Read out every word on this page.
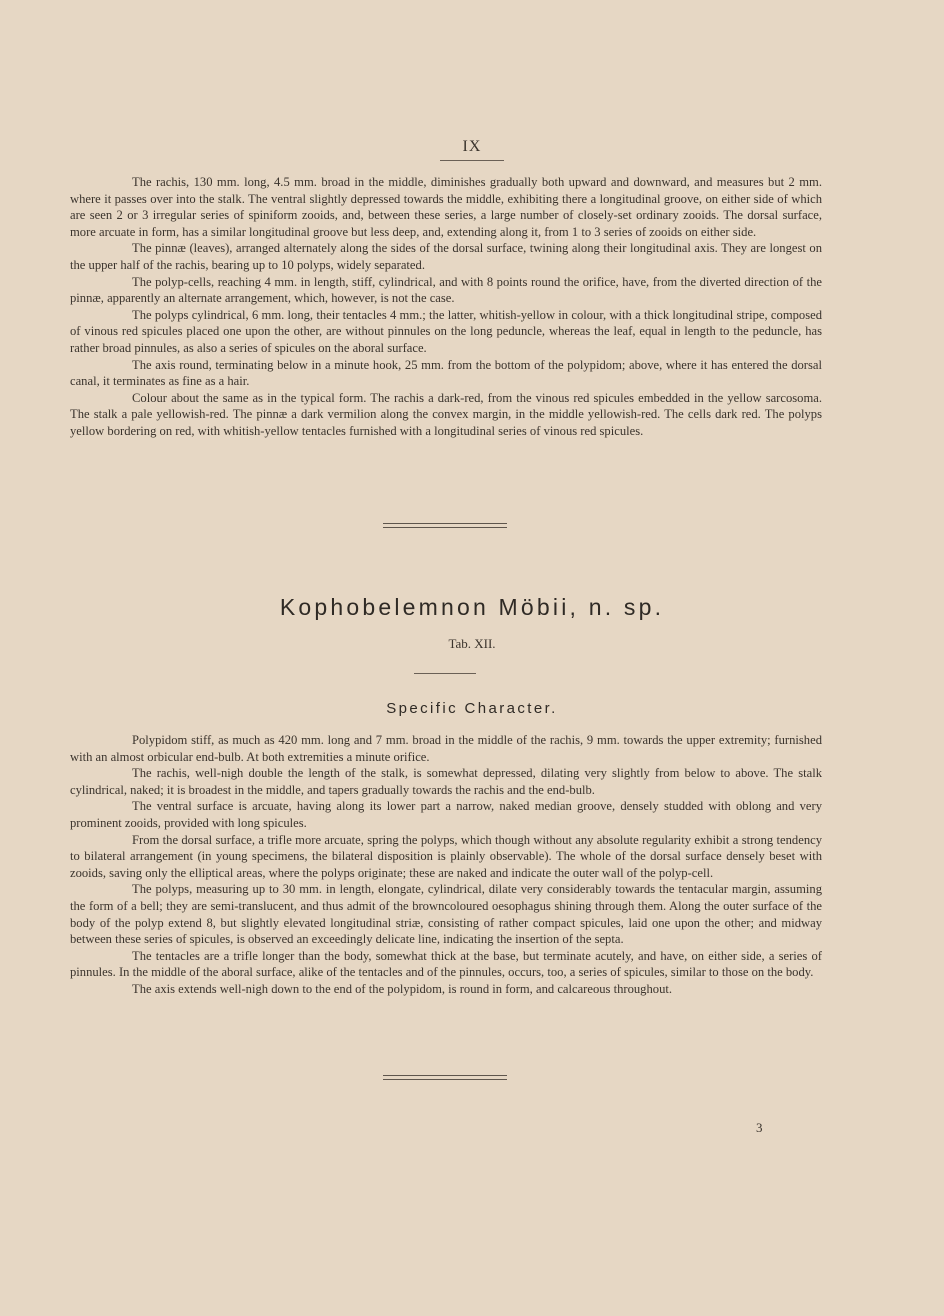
IX

The rachis, 130 mm. long, 4.5 mm. broad in the middle, diminishes gradually both upward and downward, and measures but 2 mm. where it passes over into the stalk. The ventral slightly depressed towards the middle, exhibiting there a longitudinal groove, on either side of which are seen 2 or 3 irregular series of spiniform zooids, and, between these series, a large number of closely-set ordinary zooids. The dorsal surface, more arcuate in form, has a similar longitudinal groove but less deep, and, extending along it, from 1 to 3 series of zooids on either side.

The pinnæ (leaves), arranged alternately along the sides of the dorsal surface, twining along their longitudinal axis. They are longest on the upper half of the rachis, bearing up to 10 polyps, widely separated.

The polyp-cells, reaching 4 mm. in length, stiff, cylindrical, and with 8 points round the orifice, have, from the diverted direction of the pinnæ, apparently an alternate arrangement, which, however, is not the case.

The polyps cylindrical, 6 mm. long, their tentacles 4 mm.; the latter, whitish-yellow in colour, with a thick longitudinal stripe, composed of vinous red spicules placed one upon the other, are without pinnules on the long peduncle, whereas the leaf, equal in length to the peduncle, has rather broad pinnules, as also a series of spicules on the aboral surface.

The axis round, terminating below in a minute hook, 25 mm. from the bottom of the polypidom; above, where it has entered the dorsal canal, it terminates as fine as a hair.

Colour about the same as in the typical form. The rachis a dark-red, from the vinous red spicules embedded in the yellow sarcosoma. The stalk a pale yellowish-red. The pinnæ a dark vermilion along the convex margin, in the middle yellowish-red. The cells dark red. The polyps yellow bordering on red, with whitish-yellow tentacles furnished with a longitudinal series of vinous red spicules.

Kophobelemnon Möbii, n. sp.
Tab. XII.
Specific Character.

Polypidom stiff, as much as 420 mm. long and 7 mm. broad in the middle of the rachis, 9 mm. towards the upper extremity; furnished with an almost orbicular end-bulb. At both extremities a minute orifice.

The rachis, well-nigh double the length of the stalk, is somewhat depressed, dilating very slightly from below to above. The stalk cylindrical, naked; it is broadest in the middle, and tapers gradually towards the rachis and the end-bulb.

The ventral surface is arcuate, having along its lower part a narrow, naked median groove, densely studded with oblong and very prominent zooids, provided with long spicules.

From the dorsal surface, a trifle more arcuate, spring the polyps, which though without any absolute regularity exhibit a strong tendency to bilateral arrangement (in young specimens, the bilateral disposition is plainly observable). The whole of the dorsal surface densely beset with zooids, saving only the elliptical areas, where the polyps originate; these are naked and indicate the outer wall of the polyp-cell.

The polyps, measuring up to 30 mm. in length, elongate, cylindrical, dilate very considerably towards the tentacular margin, assuming the form of a bell; they are semi-translucent, and thus admit of the browncoloured oesophagus shining through them. Along the outer surface of the body of the polyp extend 8, but slightly elevated longitudinal striæ, consisting of rather compact spicules, laid one upon the other; and midway between these series of spicules, is observed an exceedingly delicate line, indicating the insertion of the septa.

The tentacles are a trifle longer than the body, somewhat thick at the base, but terminate acutely, and have, on either side, a series of pinnules. In the middle of the aboral surface, alike of the tentacles and of the pinnules, occurs, too, a series of spicules, similar to those on the body.

The axis extends well-nigh down to the end of the polypidom, is round in form, and calcareous throughout.

3
